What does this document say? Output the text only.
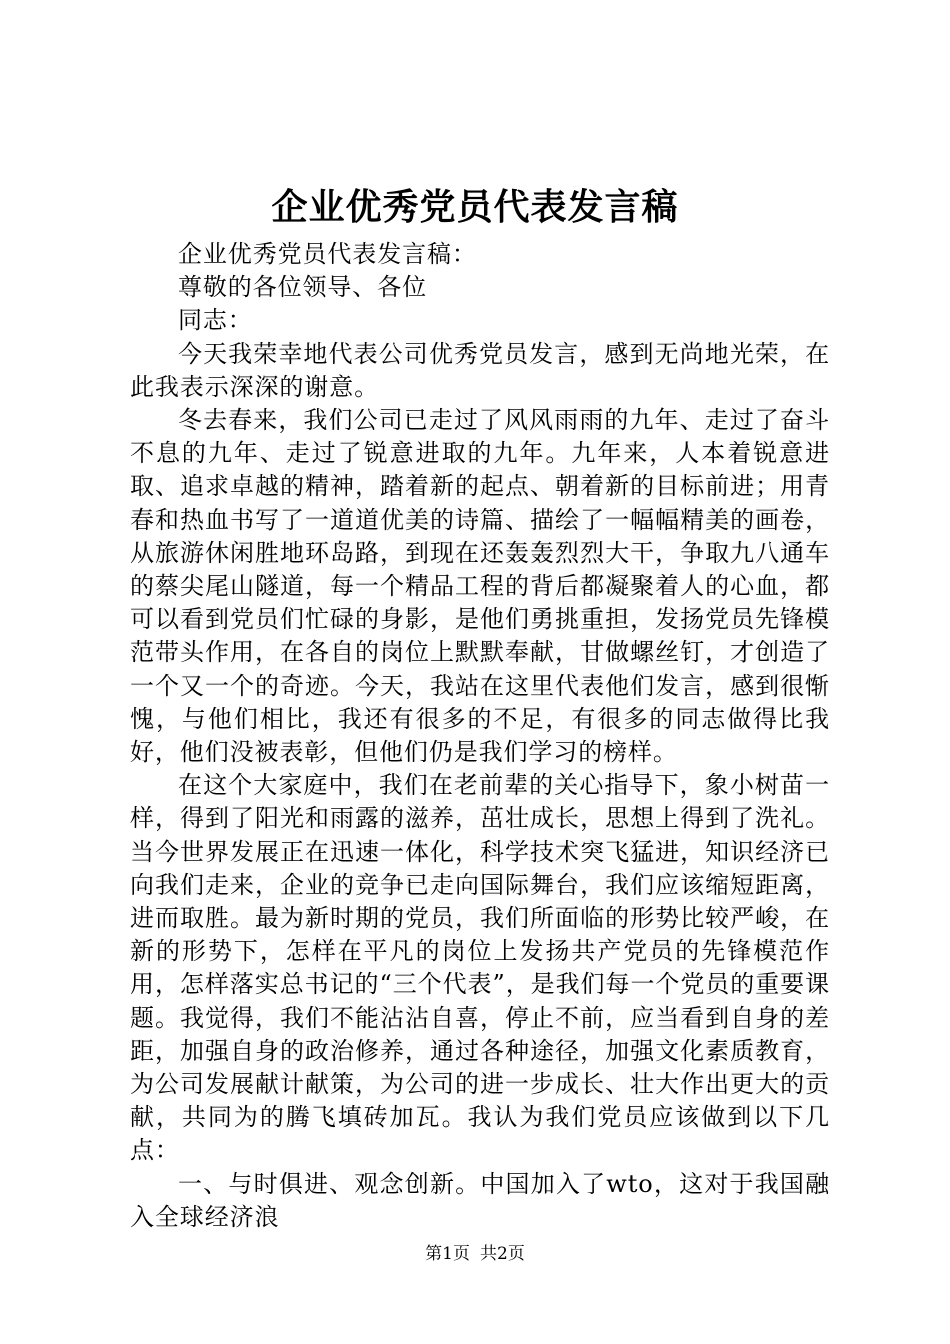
企业优秀党员代表发言稿

企业优秀党员代表发言稿：

尊敬的各位领导、各位

同志：

今天我荣幸地代表公司优秀党员发言，感到无尚地光荣，在此我表示深深的谢意。

冬去春来，我们公司已走过了风风雨雨的九年、走过了奋斗不息的九年、走过了锐意进取的九年。九年来，人本着锐意进取、追求卓越的精神，踏着新的起点、朝着新的目标前进；用青春和热血书写了一道道优美的诗篇、描绘了一幅幅精美的画卷，从旅游休闲胜地环岛路，到现在还轰轰烈烈大干，争取九八通车的蔡尖尾山隧道，每一个精品工程的背后都凝聚着人的心血，都可以看到党员们忙碌的身影，是他们勇挑重担，发扬党员先锋模范带头作用，在各自的岗位上默默奉献，甘做螺丝钉，才创造了一个又一个的奇迹。今天，我站在这里代表他们发言，感到很惭愧，与他们相比，我还有很多的不足，有很多的同志做得比我好，他们没被表彰，但他们仍是我们学习的榜样。

在这个大家庭中，我们在老前辈的关心指导下，象小树苗一样，得到了阳光和雨露的滋养，茁壮成长，思想上得到了洗礼。当今世界发展正在迅速一体化，科学技术突飞猛进，知识经济已向我们走来，企业的竞争已走向国际舞台，我们应该缩短距离，进而取胜。最为新时期的党员，我们所面临的形势比较严峻，在新的形势下，怎样在平凡的岗位上发扬共产党员的先锋模范作用，怎样落实总书记的“三个代表”，是我们每一个党员的重要课题。我觉得，我们不能沾沾自喜，停止不前，应当看到自身的差距，加强自身的政治修养，通过各种途径，加强文化素质教育，为公司发展献计献策，为公司的进一步成长、壮大作出更大的贡献，共同为的腾飞填砖加瓦。我认为我们党员应该做到以下几点：

一、与时俱进、观念创新。中国加入了wto，这对于我国融入全球经济浪

第1页 共2页
